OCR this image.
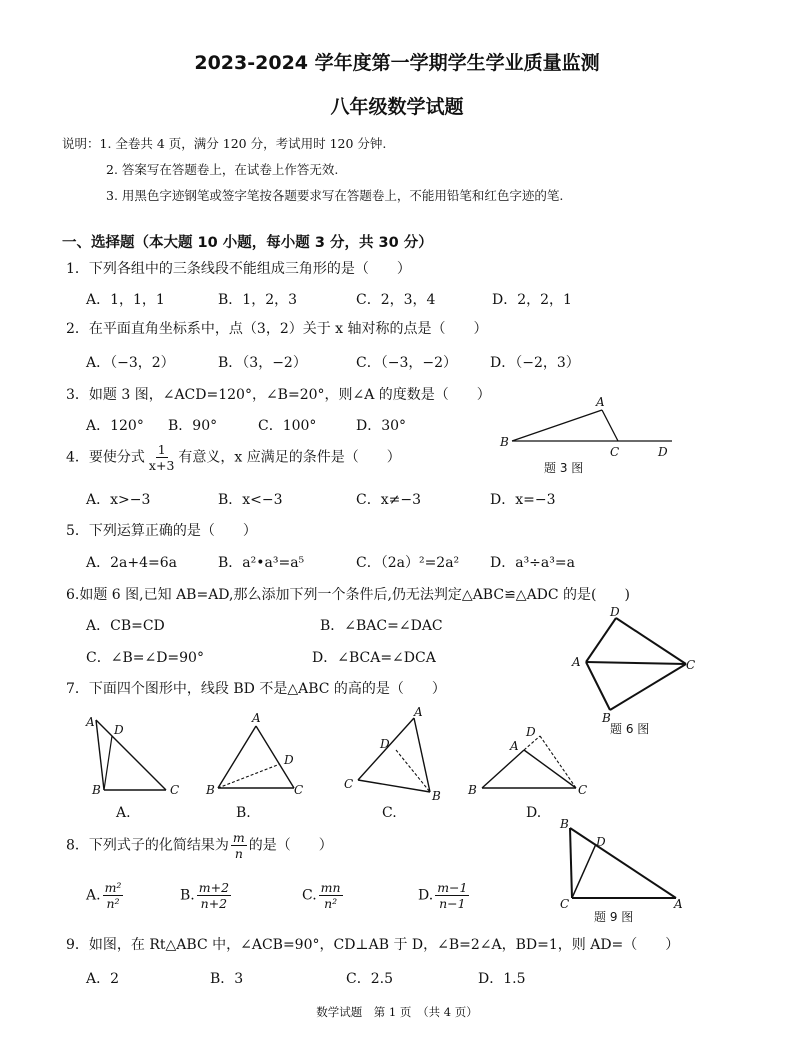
2023-2024 学年度第一学期学生学业质量监测
八年级数学试题
说明：1. 全卷共 4 页，满分 120 分，考试用时 120 分钟.
2. 答案写在答题卷上，在试卷上作答无效.
3. 用黑色字迹钢笔或签字笔按各题要求写在答题卷上，不能用铅笔和红色字迹的笔.
一、选择题（本大题 10 小题，每小题 3 分，共 30 分）
1．下列各组中的三条线段不能组成三角形的是（　　）
A．1，1，1	B．1，2，3	C．2，3，4	D．2，2，1
2．在平面直角坐标系中，点（3，2）关于 x 轴对称的点是（　　）
A．（−3，2）	B．（3，−2）	C．（−3，−2） D．（−2，3）
3．如题 3 图，∠ACD=120°，∠B=20°，则∠A 的度数是（　　）
A．120° B．90°	C．100°	D．30°
A
B
C	D
题 3 图
4．要使分式 $\frac{1}{x+3}$ 有意义，x 应满足的条件是（　　）
A．x>−3	B．x<−3	C．x≠−3	D．x=−3
5．下列运算正确的是（　　）
A．2a+4=6a	B．a²•a³=a⁵	C．（2a）²=2a² D．a³÷a³=a
6.如题 6 图,已知 AB=AD,那么添加下列一个条件后,仍无法判定△ABC≌△ADC 的是(　　)
A．CB=CD	B．∠BAC=∠DAC
C．∠B=∠D=90°	D．∠BCA=∠DCA
D
A	C
B
题 6 图
7．下面四个图形中，线段 BD 不是△ABC 的高的是（　　）
A
D
B	C
A.
A
D
B	C
B.
A
D
C
B
C.
D
A
B	C
D.
8．下列式子的化简结果为 $\frac{m}{n}$ 的是（　　）
A. $\frac{\text{m²}}{\text{n²}}$	B. $\frac{m+2}{n+2}$	C. $\frac{mn}{\text{n²}}$	D. $\frac{m-1}{n-1}$
B
D
C	A
题 9 图
9．如图，在 Rt△ABC 中，∠ACB=90°，CD⊥AB 于 D，∠B=2∠A，BD=1，则 AD=（　　）
A．2	B．3	C．2.5	D．1.5
数学试题　第 1 页　（共 4 页）
